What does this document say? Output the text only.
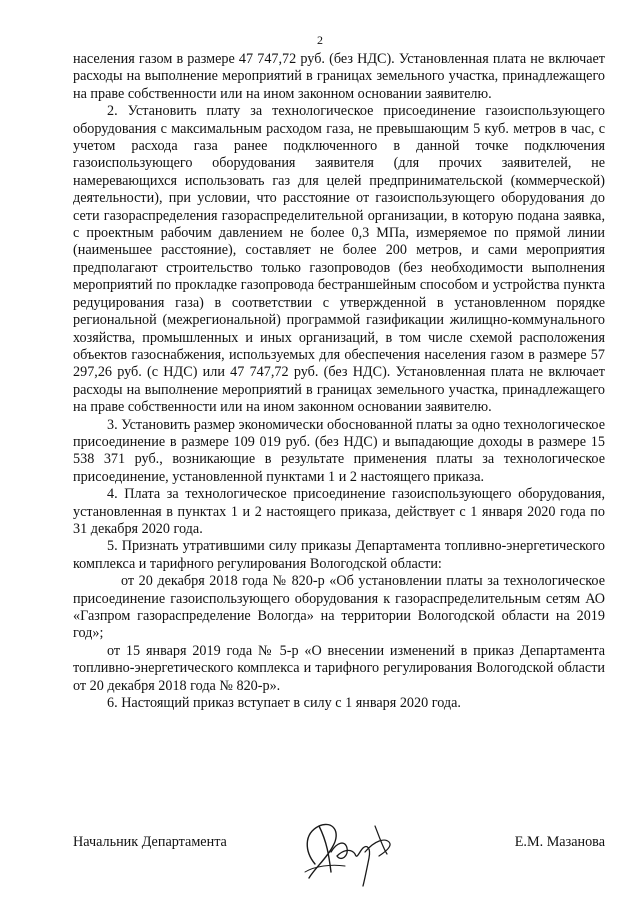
2

населения газом в размере 47 747,72 руб. (без НДС). Установленная плата не включает расходы на выполнение мероприятий в границах земельного участка, принадлежащего на праве собственности или на ином законном основании заявителю.

2. Установить плату за технологическое присоединение газоиспользующего оборудования с максимальным расходом газа, не превышающим 5 куб. метров в час, с учетом расхода газа ранее подключенного в данной точке подключения газоиспользующего оборудования заявителя (для прочих заявителей, не намеревающихся использовать газ для целей предпринимательской (коммерческой) деятельности), при условии, что расстояние от газоиспользующего оборудования до сети газораспределения газораспределительной организации, в которую подана заявка, с проектным рабочим давлением не более 0,3 МПа, измеряемое по прямой линии (наименьшее расстояние), составляет не более 200 метров, и сами мероприятия предполагают строительство только газопроводов (без необходимости выполнения мероприятий по прокладке газопровода бестраншейным способом и устройства пункта редуцирования газа) в соответствии с утвержденной в установленном порядке региональной (межрегиональной) программой газификации жилищно-коммунального хозяйства, промышленных и иных организаций, в том числе схемой расположения объектов газоснабжения, используемых для обеспечения населения газом в размере 57 297,26 руб. (с НДС) или 47 747,72 руб. (без НДС). Установленная плата не включает расходы на выполнение мероприятий в границах земельного участка, принадлежащего на праве собственности или на ином законном основании заявителю.

3. Установить размер экономически обоснованной платы за одно технологическое присоединение в размере 109 019 руб. (без НДС) и выпадающие доходы в размере 15 538 371 руб., возникающие в результате применения платы за технологическое присоединение, установленной пунктами 1 и 2 настоящего приказа.

4. Плата за технологическое присоединение газоиспользующего оборудования, установленная в пунктах 1 и 2 настоящего приказа, действует с 1 января 2020 года по 31 декабря 2020 года.

5. Признать утратившими силу приказы Департамента топливно-энергетического комплекса и тарифного регулирования Вологодской области:

от 20 декабря 2018 года № 820-р «Об установлении платы за технологическое присоединение газоиспользующего оборудования к газораспределительным сетям АО «Газпром газораспределение Вологда» на территории Вологодской области на 2019 год»;

от 15 января 2019 года № 5-р «О внесении изменений в приказ Департамента топливно-энергетического комплекса и тарифного регулирования Вологодской области от 20 декабря 2018 года № 820-р».

6. Настоящий приказ вступает в силу с 1 января 2020 года.

Начальник Департамента	Е.М. Мазанова
